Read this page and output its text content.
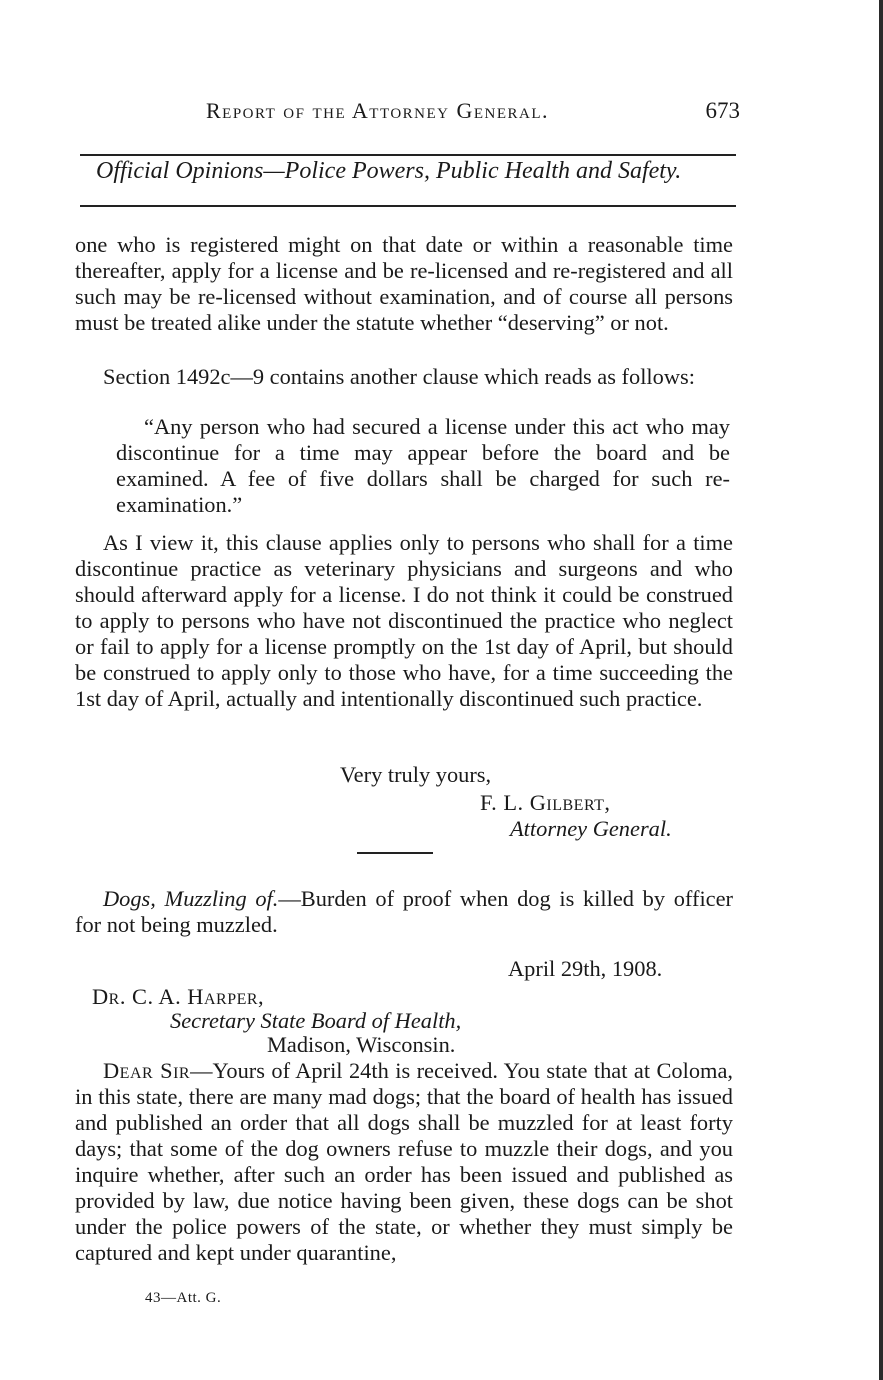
Report of the Attorney General.	673
Official Opinions—Police Powers, Public Health and Safety.
one who is registered might on that date or within a reasonable time thereafter, apply for a license and be re-licensed and re-registered and all such may be re-licensed without examination, and of course all persons must be treated alike under the statute whether “deserving” or not.
Section 1492c—9 contains another clause which reads as follows:
“Any person who had secured a license under this act who may discontinue for a time may appear before the board and be examined. A fee of five dollars shall be charged for such re-examination.”
As I view it, this clause applies only to persons who shall for a time discontinue practice as veterinary physicians and surgeons and who should afterward apply for a license. I do not think it could be construed to apply to persons who have not discontinued the practice who neglect or fail to apply for a license promptly on the 1st day of April, but should be construed to apply only to those who have, for a time succeeding the 1st day of April, actually and intentionally discontinued such practice.
Very truly yours,
F. L. Gilbert,
Attorney General.
Dogs, Muzzling of.—Burden of proof when dog is killed by officer for not being muzzled.
April 29th, 1908.
Dr. C. A. Harper,
Secretary State Board of Health,
Madison, Wisconsin.
Dear Sir—Yours of April 24th is received. You state that at Coloma, in this state, there are many mad dogs; that the board of health has issued and published an order that all dogs shall be muzzled for at least forty days; that some of the dog owners refuse to muzzle their dogs, and you inquire whether, after such an order has been issued and published as provided by law, due notice having been given, these dogs can be shot under the police powers of the state, or whether they must simply be captured and kept under quarantine,
43—Att. G.
